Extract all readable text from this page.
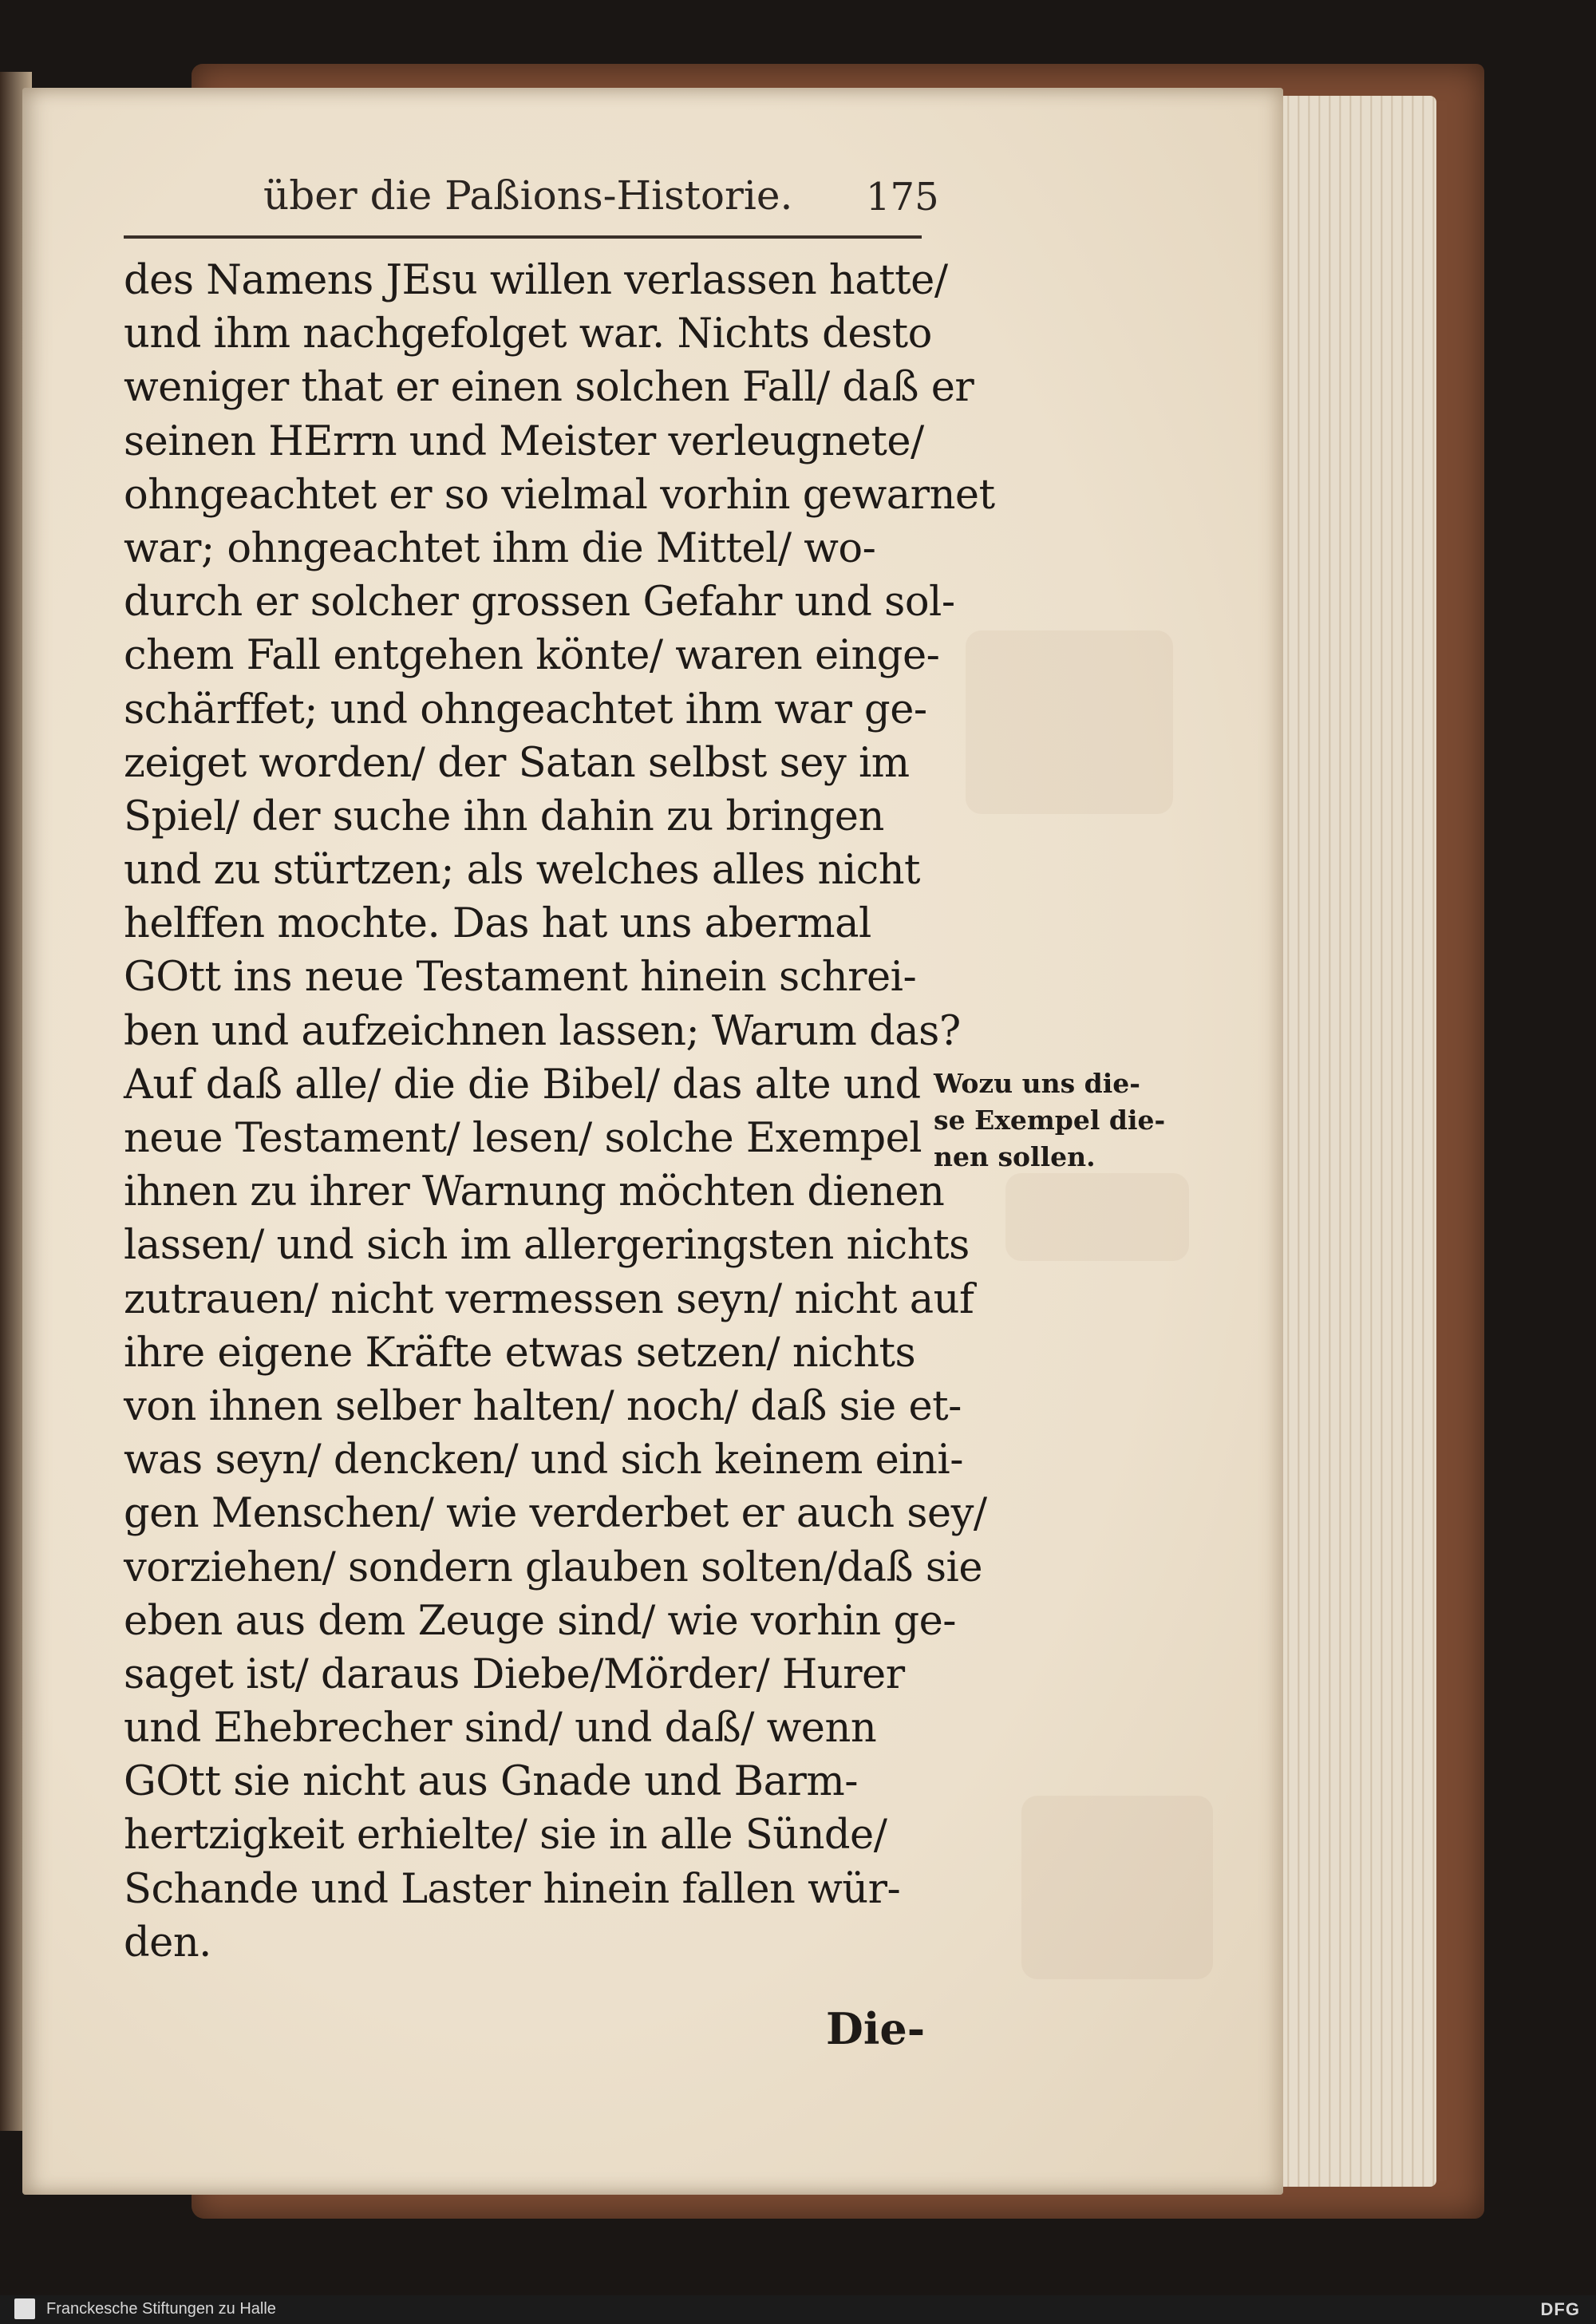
über die Paßions-Historie.	175
des Namens JEsu willen verlassen hatte/
und ihm nachgefolget war. Nichts desto
weniger that er einen solchen Fall/ daß er
seinen HErrn und Meister verleugnete/
ohngeachtet er so vielmal vorhin gewarnet
war; ohngeachtet ihm die Mittel/ wo-
durch er solcher grossen Gefahr und sol-
chem Fall entgehen könte/ waren einge-
schärffet; und ohngeachtet ihm war ge-
zeiget worden/ der Satan selbst sey im
Spiel/ der suche ihn dahin zu bringen
und zu stürtzen; als welches alles nicht
helffen mochte. Das hat uns abermal
GOtt ins neue Testament hinein schrei-
ben und aufzeichnen lassen; Warum das?
Auf daß alle/ die die Bibel/ das alte und
neue Testament/ lesen/ solche Exempel
ihnen zu ihrer Warnung möchten dienen
lassen/ und sich im allergeringsten nichts
zutrauen/ nicht vermessen seyn/ nicht auf
ihre eigene Kräfte etwas setzen/ nichts
von ihnen selber halten/ noch/ daß sie et-
was seyn/ dencken/ und sich keinem eini-
gen Menschen/ wie verderbet er auch sey/
vorziehen/ sondern glauben solten/daß sie
eben aus dem Zeuge sind/ wie vorhin ge-
saget ist/ daraus Diebe/Mörder/ Hurer
und Ehebrecher sind/ und daß/ wenn
GOtt sie nicht aus Gnade und Barm-
hertzigkeit erhielte/ sie in alle Sünde/
Schande und Laster hinein fallen wür-
den.
Wozu uns die-
se Exempel die-
nen sollen.
Die-
Franckesche Stiftungen zu Halle	DFG
